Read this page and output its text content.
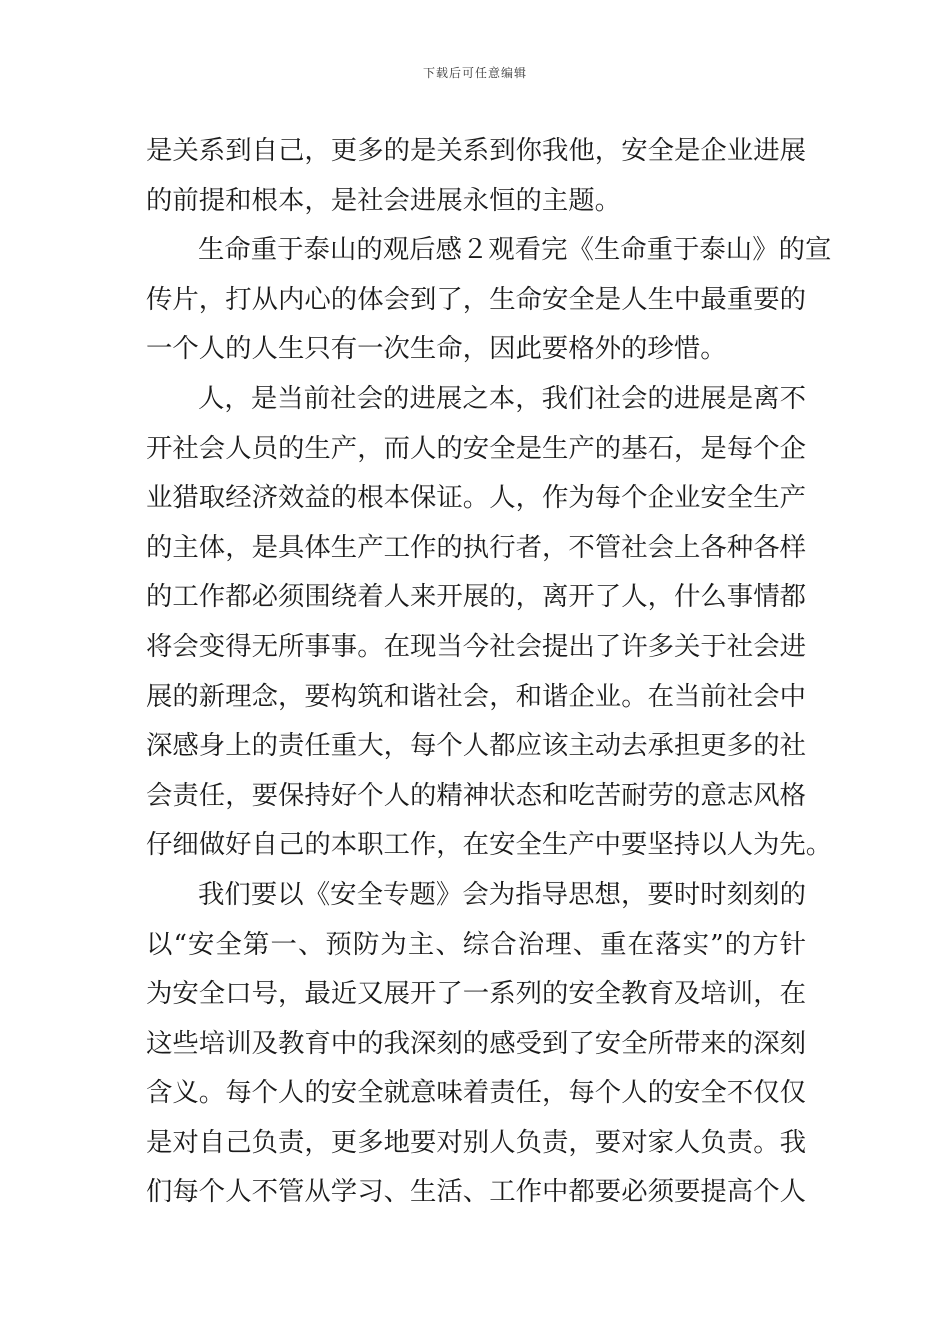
下载后可任意编辑
是关系到自己，更多的是关系到你我他，安全是企业进展
的前提和根本，是社会进展永恒的主题。
生命重于泰山的观后感２观看完《生命重于泰山》的宣
传片，打从内心的体会到了，生命安全是人生中最重要的
一个人的人生只有一次生命，因此要格外的珍惜。
人，是当前社会的进展之本，我们社会的进展是离不
开社会人员的生产，而人的安全是生产的基石，是每个企
业猎取经济效益的根本保证。人，作为每个企业安全生产
的主体，是具体生产工作的执行者，不管社会上各种各样
的工作都必须围绕着人来开展的，离开了人，什么事情都
将会变得无所事事。在现当今社会提出了许多关于社会进
展的新理念，要构筑和谐社会，和谐企业。在当前社会中
深感身上的责任重大，每个人都应该主动去承担更多的社
会责任，要保持好个人的精神状态和吃苦耐劳的意志风格
仔细做好自己的本职工作，在安全生产中要坚持以人为先。
我们要以《安全专题》会为指导思想，要时时刻刻的
以“安全第一、预防为主、综合治理、重在落实”的方针
为安全口号，最近又展开了一系列的安全教育及培训，在
这些培训及教育中的我深刻的感受到了安全所带来的深刻
含义。每个人的安全就意味着责任，每个人的安全不仅仅
是对自己负责，更多地要对别人负责，要对家人负责。我
们每个人不管从学习、生活、工作中都要必须要提高个人
